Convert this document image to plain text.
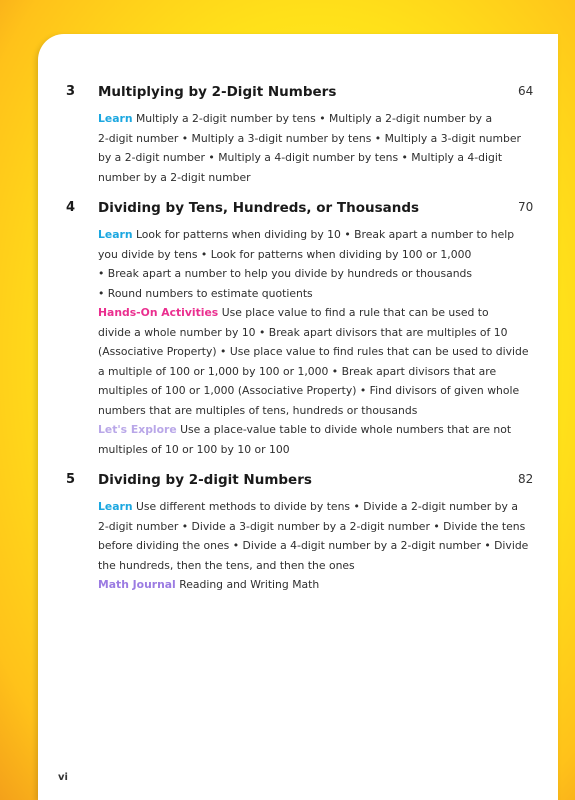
3 Multiplying by 2-Digit Numbers	64
Learn Multiply a 2-digit number by tens • Multiply a 2-digit number by a
2-digit number • Multiply a 3-digit number by tens • Multiply a 3-digit number
by a 2-digit number • Multiply a 4-digit number by tens • Multiply a 4-digit
number by a 2-digit number
4 Dividing by Tens, Hundreds, or Thousands	70
Learn Look for patterns when dividing by 10 • Break apart a number to help
you divide by tens • Look for patterns when dividing by 100 or 1,000
• Break apart a number to help you divide by hundreds or thousands
• Round numbers to estimate quotients
Hands-On Activities Use place value to find a rule that can be used to
divide a whole number by 10 • Break apart divisors that are multiples of 10
(Associative Property) • Use place value to find rules that can be used to divide
a multiple of 100 or 1,000 by 100 or 1,000 • Break apart divisors that are
multiples of 100 or 1,000 (Associative Property) • Find divisors of given whole
numbers that are multiples of tens, hundreds or thousands
Let's Explore Use a place-value table to divide whole numbers that are not
multiples of 10 or 100 by 10 or 100
5 Dividing by 2-digit Numbers	82
Learn Use different methods to divide by tens • Divide a 2-digit number by a
2-digit number • Divide a 3-digit number by a 2-digit number • Divide the tens
before dividing the ones • Divide a 4-digit number by a 2-digit number • Divide
the hundreds, then the tens, and then the ones
Math Journal Reading and Writing Math
vi
